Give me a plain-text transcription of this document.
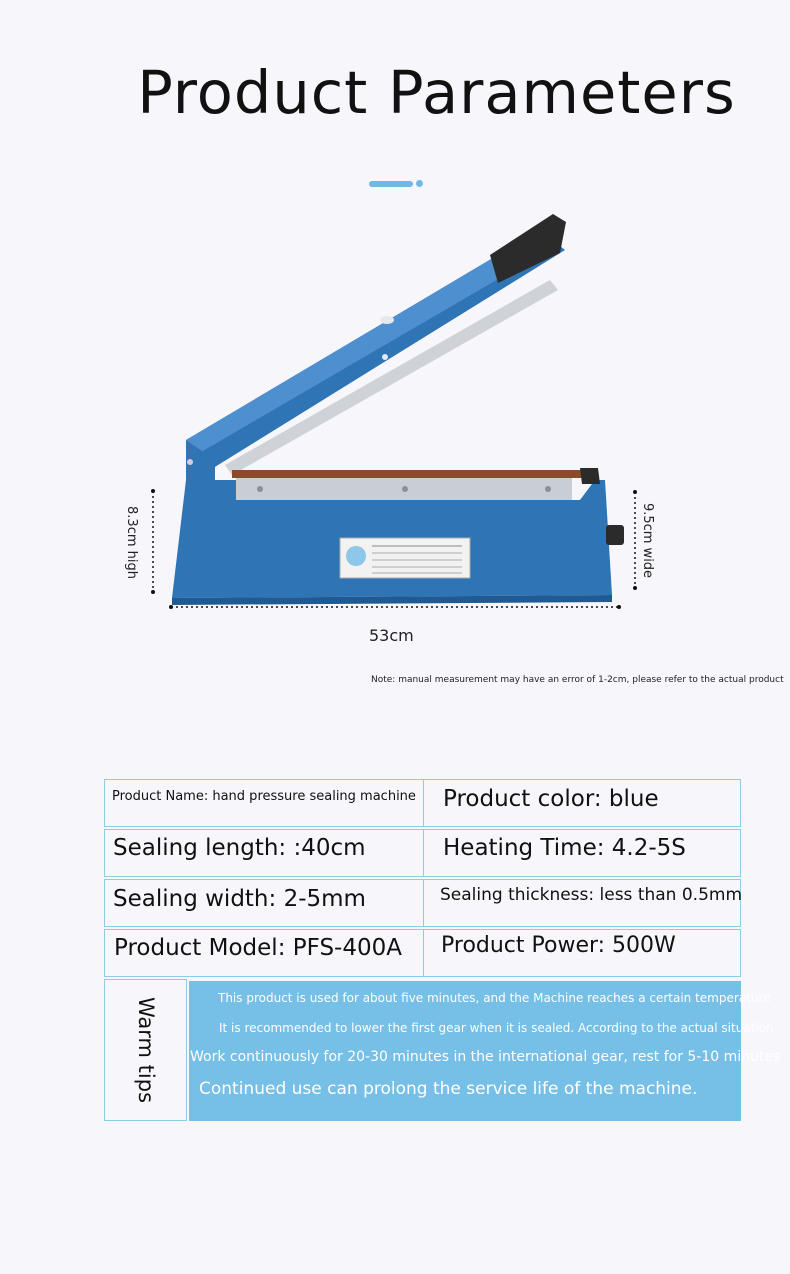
Product Parameters
8.3cm high	9.5cm wide
53cm
Note: manual measurement may have an error of 1-2cm, please refer to the actual product
Product Name: hand pressure sealing machine Product color: blue
Sealing length: :40cm	Heating Time: 4.2-5S
Sealing width: 2-5mm	Sealing thickness: less than 0.5mm
Product Model: PFS-400A Product Power: 500W
Warm tips	This product is used for about five minutes, and the Machine reaches a certain temperature
It is recommended to lower the first gear when it is sealed. According to the actual situation
Work continuously for 20-30 minutes in the international gear, rest for 5-10 minutes
Continued use can prolong the service life of the machine.
